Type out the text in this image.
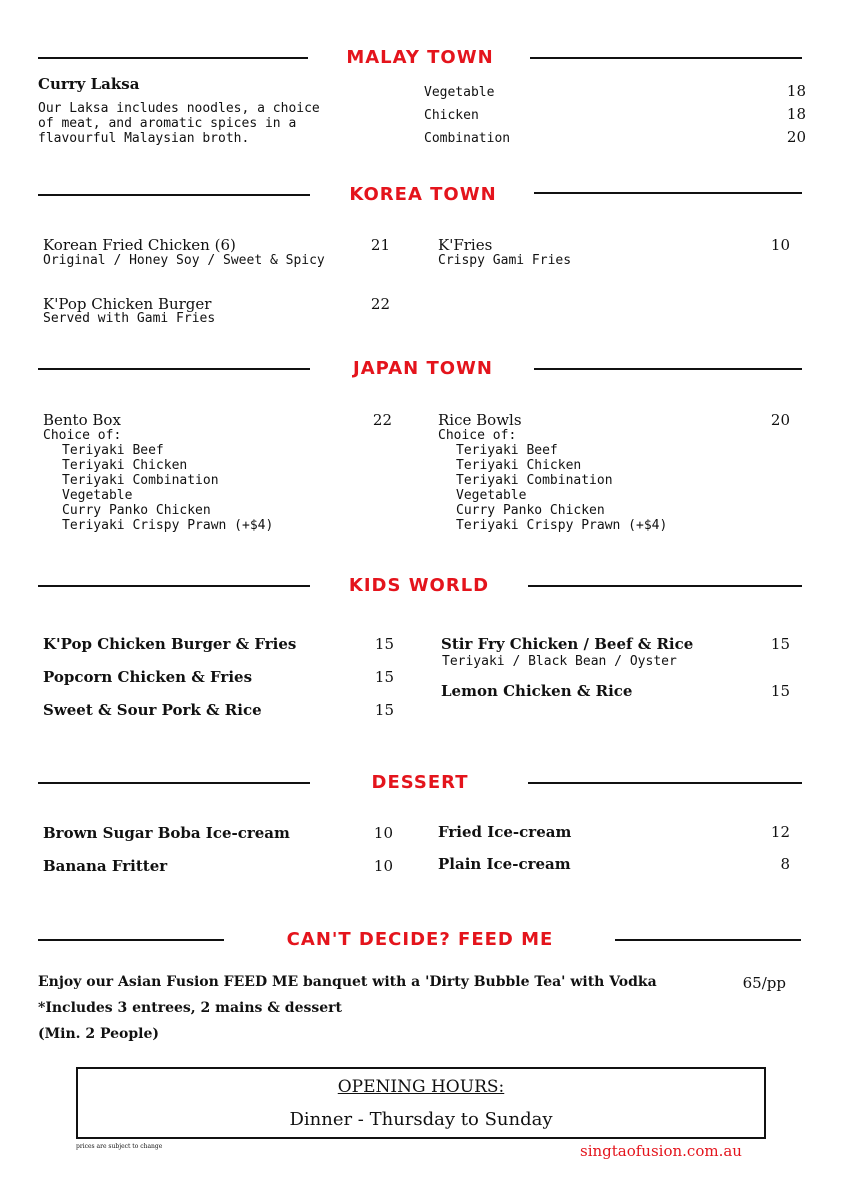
MALAY TOWN
Curry Laksa
Our Laksa includes noodles, a choice
of meat, and aromatic spices in a
flavourful Malaysian broth.
Vegetable	18
Chicken	18
Combination	20
KOREA TOWN
Korean Fried Chicken (6)	21
Original / Honey Soy / Sweet & Spicy
K'Pop Chicken Burger	22
Served with Gami Fries
K'Fries	10
Crispy Gami Fries
JAPAN TOWN
Bento Box	22
Choice of:
Teriyaki Beef
Teriyaki Chicken
Teriyaki Combination
Vegetable
Curry Panko Chicken
Teriyaki Crispy Prawn (+$4)
Rice Bowls	20
Choice of:
Teriyaki Beef
Teriyaki Chicken
Teriyaki Combination
Vegetable
Curry Panko Chicken
Teriyaki Crispy Prawn (+$4)
KIDS WORLD
K'Pop Chicken Burger & Fries	15
Popcorn Chicken & Fries	15
Sweet & Sour Pork & Rice	15
Stir Fry Chicken / Beef & Rice	15
Teriyaki / Black Bean / Oyster
Lemon Chicken & Rice	15
DESSERT
Brown Sugar Boba Ice-cream	10
Banana Fritter	10
Fried Ice-cream	12
Plain Ice-cream	8
CAN'T DECIDE? FEED ME
Enjoy our Asian Fusion FEED ME banquet with a 'Dirty Bubble Tea' with Vodka	65/pp
*Includes 3 entrees, 2 mains & dessert
(Min. 2 People)
OPENING HOURS:
Dinner - Thursday to Sunday
prices are subject to change	singtaofusion.com.au
